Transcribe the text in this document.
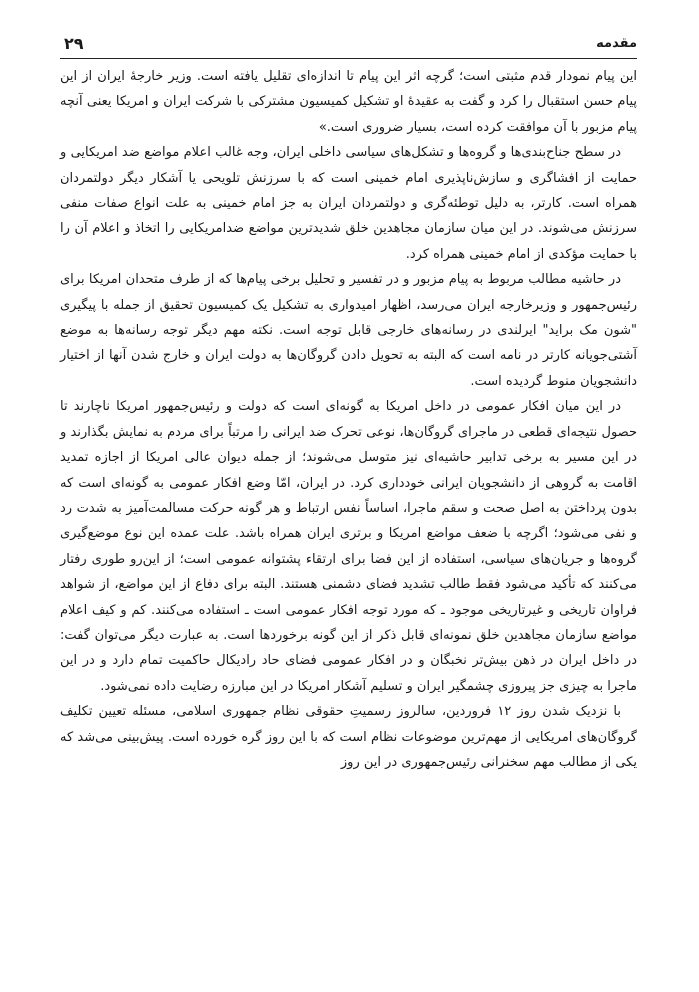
۲۹	مقدمه

این پیام نمودار قدم مثبتی است؛ گرچه اثر این پیام تا اندازه‌ای تقلیل یافته است. وزیر خارجهٔ ایران از این پیام حسن استقبال را کرد و گفت به عقیدهٔ او تشکیل کمیسیون مشترکی با شرکت ایران و امریکا یعنی آنچه پیام مزبور با آن موافقت کرده است، بسیار ضروری است.»

در سطح جناح‌بندی‌ها و گروه‌ها و تشکل‌های سیاسی داخلی ایران، وجه غالب اعلام مواضع ضد امریکایی و حمایت از افشاگری و سازش‌ناپذیری امام خمینی است که با سرزنش تلویحی یا آشکار دیگر دولتمردان همراه است. کارتر، به دلیل توطئه‌گری و دولتمردان ایران به جز امام خمینی به علت انواع صفات منفی سرزنش می‌شوند. در این میان سازمان مجاهدین خلق شدیدترین مواضع ضدامریکایی را اتخاذ و اعلام آن را با حمایت مؤکدی از امام خمینی همراه کرد.

در حاشیه مطالب مربوط به پیام مزبور و در تفسیر و تحلیل برخی پیام‌ها که از طرف متحدان امریکا برای رئیس‌جمهور و وزیرخارجه ایران می‌رسد، اظهار امیدواری به تشکیل یک کمیسیون تحقیق از جمله با پیگیری "شون مک براید" ایرلندی در رسانه‌های خارجی قابل توجه است. نکته مهم دیگر توجه رسانه‌ها به موضع آشتی‌جویانه کارتر در نامه است که البته به تحویل دادن گروگان‌ها به دولت ایران و خارج شدن آنها از اختیار دانشجویان منوط گردیده است.

در این میان افکار عمومی در داخل امریکا به گونه‌ای است که دولت و رئیس‌جمهور امریکا ناچارند تا حصول نتیجه‌ای قطعی در ماجرای گروگان‌ها، نوعی تحرک ضد ایرانی را مرتباً برای مردم به نمایش بگذارند و در این مسیر به برخی تدابیر حاشیه‌ای نیز متوسل می‌شوند؛ از جمله دیوان عالی امریکا از اجازه تمدید اقامت به گروهی از دانشجویان ایرانی خودداری کرد. در ایران، امّا وضع افکار عمومی به گونه‌ای است که بدون پرداختن به اصل صحت و سقم ماجرا، اساساً نفس ارتباط و هر گونه حرکت مسالمت‌آمیز به شدت رد و نفی می‌شود؛ اگرچه با ضعف مواضع امریکا و برتری ایران همراه باشد. علت عمده این نوع موضع‌گیری گروه‌ها و جریان‌های سیاسی، استفاده از این فضا برای ارتقاء پشتوانه عمومی است؛ از این‌رو طوری رفتار می‌کنند که تأکید می‌شود فقط طالب تشدید فضای دشمنی هستند. البته برای دفاع از این مواضع، از شواهد فراوان تاریخی و غیرتاریخی موجود ـ که مورد توجه افکار عمومی است ـ استفاده می‌کنند. کم و کیف اعلام مواضع سازمان مجاهدین خلق نمونه‌ای قابل ذکر از این گونه برخوردها است. به عبارت دیگر می‌توان گفت: در داخل ایران در ذهن بیش‌تر نخبگان و در افکار عمومی فضای حاد رادیکال حاکمیت تمام دارد و در این ماجرا به چیزی جز پیروزی چشمگیر ایران و تسلیم آشکار امریکا در این مبارزه رضایت داده نمی‌شود.

با نزدیک شدن روز ۱۲ فروردین، سالروز رسمیتِ حقوقی نظام جمهوری اسلامی، مسئله تعیین تکلیف گروگان‌های امریکایی از مهم‌ترین موضوعات نظام است که با این روز گره خورده است. پیش‌بینی می‌شد که یکی از مطالب مهم سخنرانی رئیس‌جمهوری در این روز
